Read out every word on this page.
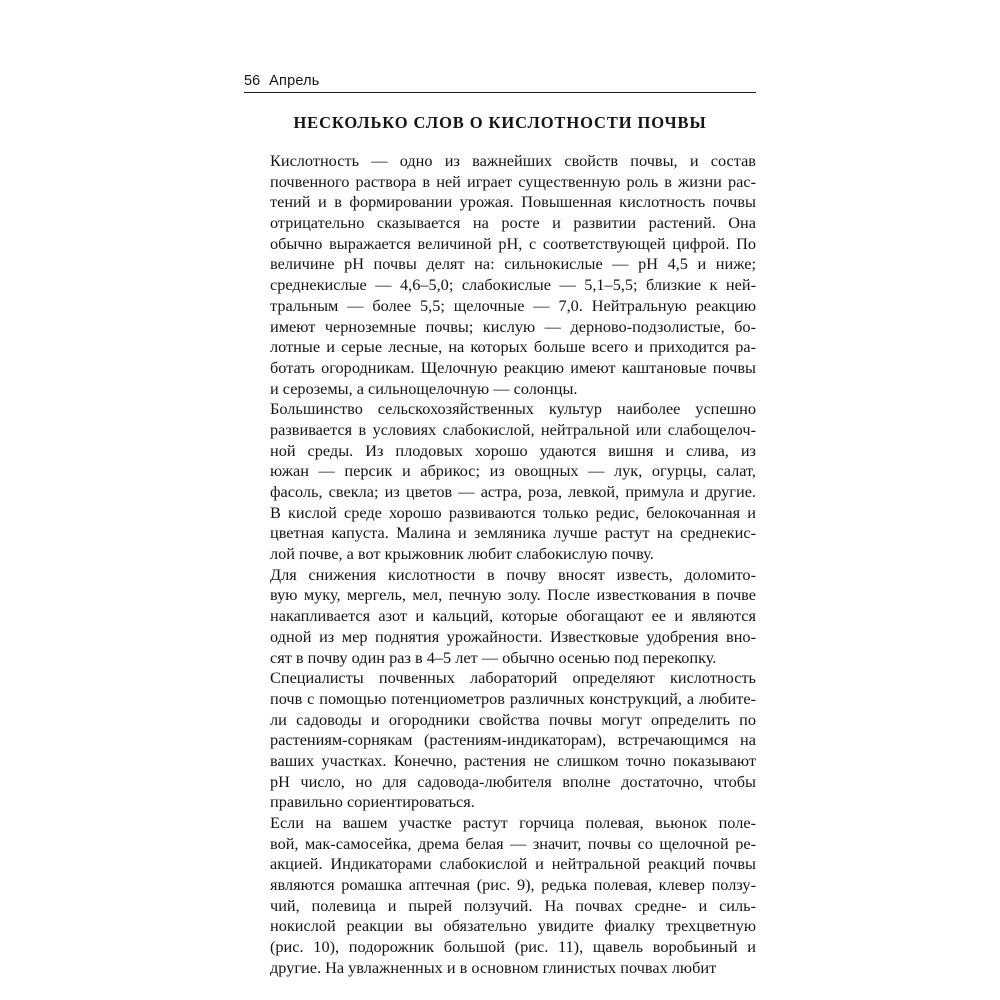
56 Апрель
НЕСКОЛЬКО СЛОВ О КИСЛОТНОСТИ ПОЧВЫ

Кислотность — одно из важнейших свойств почвы, и состав
почвенного раствора в ней играет существенную роль в жизни рас-
тений и в формировании урожая. Повышенная кислотность почвы
отрицательно сказывается на росте и развитии растений. Она
обычно выражается величиной pH, с соответствующей цифрой. По
величине pH почвы делят на: сильнокислые — pH 4,5 и ниже;
среднекислые — 4,6–5,0; слабокислые — 5,1–5,5; близкие к ней-
тральным — более 5,5; щелочные — 7,0. Нейтральную реакцию
имеют черноземные почвы; кислую — дерново-подзолистые, бо-
лотные и серые лесные, на которых больше всего и приходится ра-
ботать огородникам. Щелочную реакцию имеют каштановые почвы
и сероземы, а сильнощелочную — солонцы.

Большинство сельскохозяйственных культур наиболее успешно
развивается в условиях слабокислой, нейтральной или слабощелоч-
ной среды. Из плодовых хорошо удаются вишня и слива, из
южан — персик и абрикос; из овощных — лук, огурцы, салат,
фасоль, свекла; из цветов — астра, роза, левкой, примула и другие.
В кислой среде хорошо развиваются только редис, белокочанная и
цветная капуста. Малина и земляника лучше растут на среднекис-
лой почве, а вот крыжовник любит слабокислую почву.

Для снижения кислотности в почву вносят известь, доломито-
вую муку, мергель, мел, печную золу. После известкования в почве
накапливается азот и кальций, которые обогащают ее и являются
одной из мер поднятия урожайности. Известковые удобрения вно-
сят в почву один раз в 4–5 лет — обычно осенью под перекопку.

Специалисты почвенных лабораторий определяют кислотность
почв с помощью потенциометров различных конструкций, а любите-
ли садоводы и огородники свойства почвы могут определить по
растениям-сорнякам (растениям-индикаторам), встречающимся на
ваших участках. Конечно, растения не слишком точно показывают
pH число, но для садовода-любителя вполне достаточно, чтобы
правильно сориентироваться.

Если на вашем участке растут горчица полевая, вьюнок поле-
вой, мак-самосейка, дрема белая — значит, почвы со щелочной ре-
акцией. Индикаторами слабокислой и нейтральной реакций почвы
являются ромашка аптечная (рис. 9), редька полевая, клевер ползу-
чий, полевица и пырей ползучий. На почвах средне- и силь-
нокислой реакции вы обязательно увидите фиалку трехцветную
(рис. 10), подорожник большой (рис. 11), щавель воробьиный и
другие. На увлажненных и в основном глинистых почвах любит
